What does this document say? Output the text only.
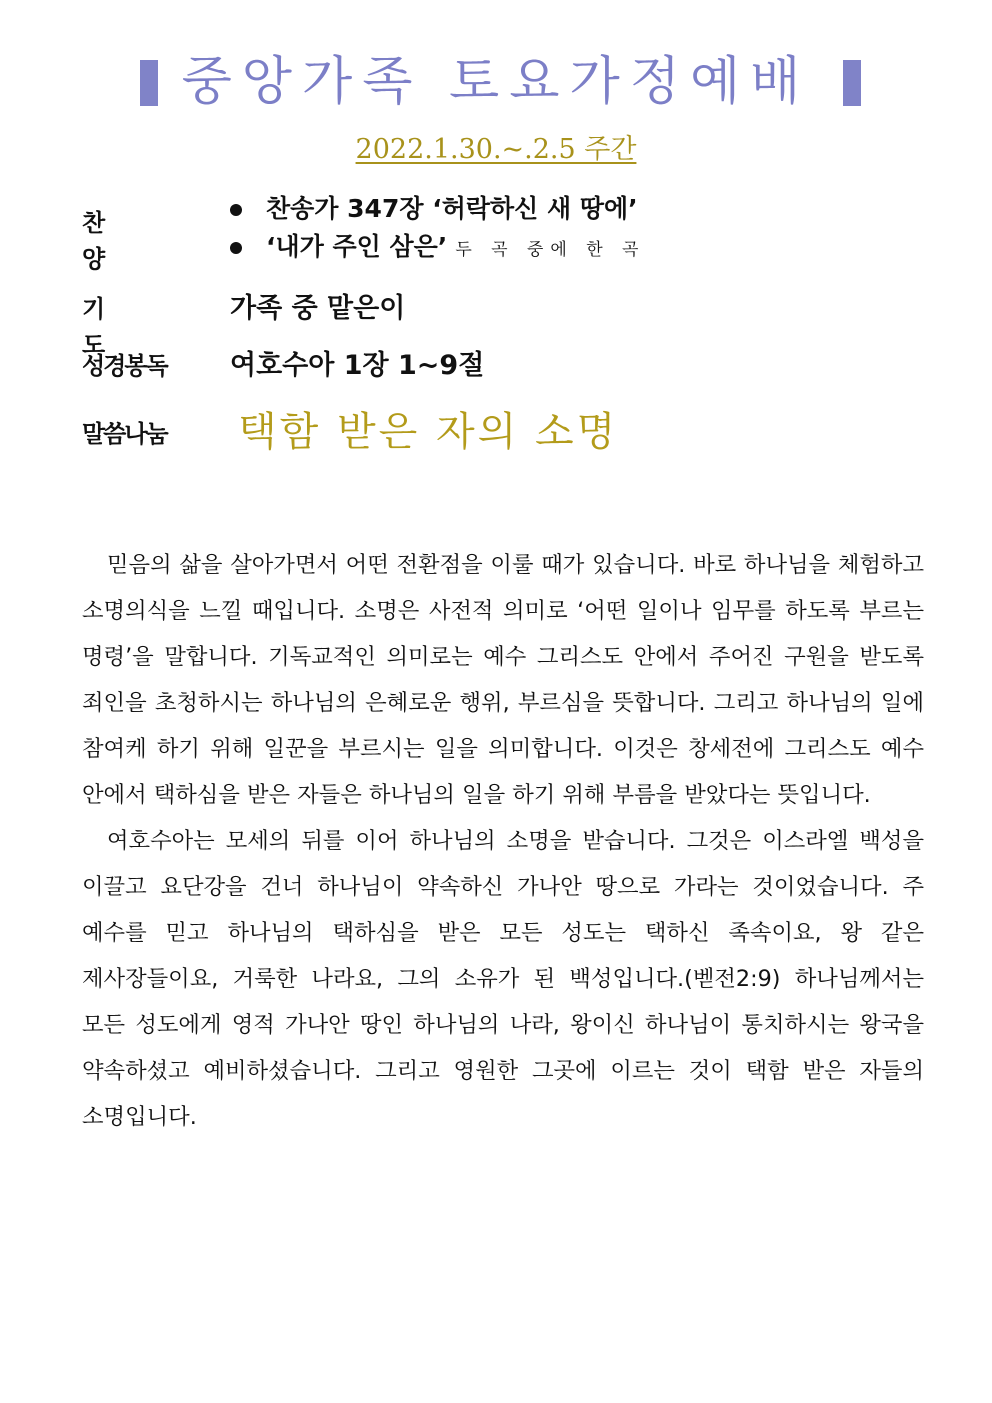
중앙가족 토요가정예배
2022.1.30.~.2.5 주간
찬양
찬송가 347장 ‘허락하신 새 땅에’
‘내가 주인 삼은’ 두 곡 중에 한 곡
기도
가족 중 맡은이
성경봉독	여호수아 1장 1~9절
말씀나눔	택함 받은 자의 소명

믿음의 삶을 살아가면서 어떤 전환점을 이룰 때가 있습니다. 바로 하나님을 체험하고 소명의식을 느낄 때입니다. 소명은 사전적 의미로 ‘어떤 일이나 임무를 하도록 부르는 명령’을 말합니다. 기독교적인 의미로는 예수 그리스도 안에서 주어진 구원을 받도록 죄인을 초청하시는 하나님의 은혜로운 행위, 부르심을 뜻합니다. 그리고 하나님의 일에 참여케 하기 위해 일꾼을 부르시는 일을 의미합니다. 이것은 창세전에 그리스도 예수 안에서 택하심을 받은 자들은 하나님의 일을 하기 위해 부름을 받았다는 뜻입니다.

여호수아는 모세의 뒤를 이어 하나님의 소명을 받습니다. 그것은 이스라엘 백성을 이끌고 요단강을 건너 하나님이 약속하신 가나안 땅으로 가라는 것이었습니다. 주 예수를 믿고 하나님의 택하심을 받은 모든 성도는 택하신 족속이요, 왕 같은 제사장들이요, 거룩한 나라요, 그의 소유가 된 백성입니다.(벧전2:9) 하나님께서는 모든 성도에게 영적 가나안 땅인 하나님의 나라, 왕이신 하나님이 통치하시는 왕국을 약속하셨고 예비하셨습니다. 그리고 영원한 그곳에 이르는 것이 택함 받은 자들의 소명입니다.
